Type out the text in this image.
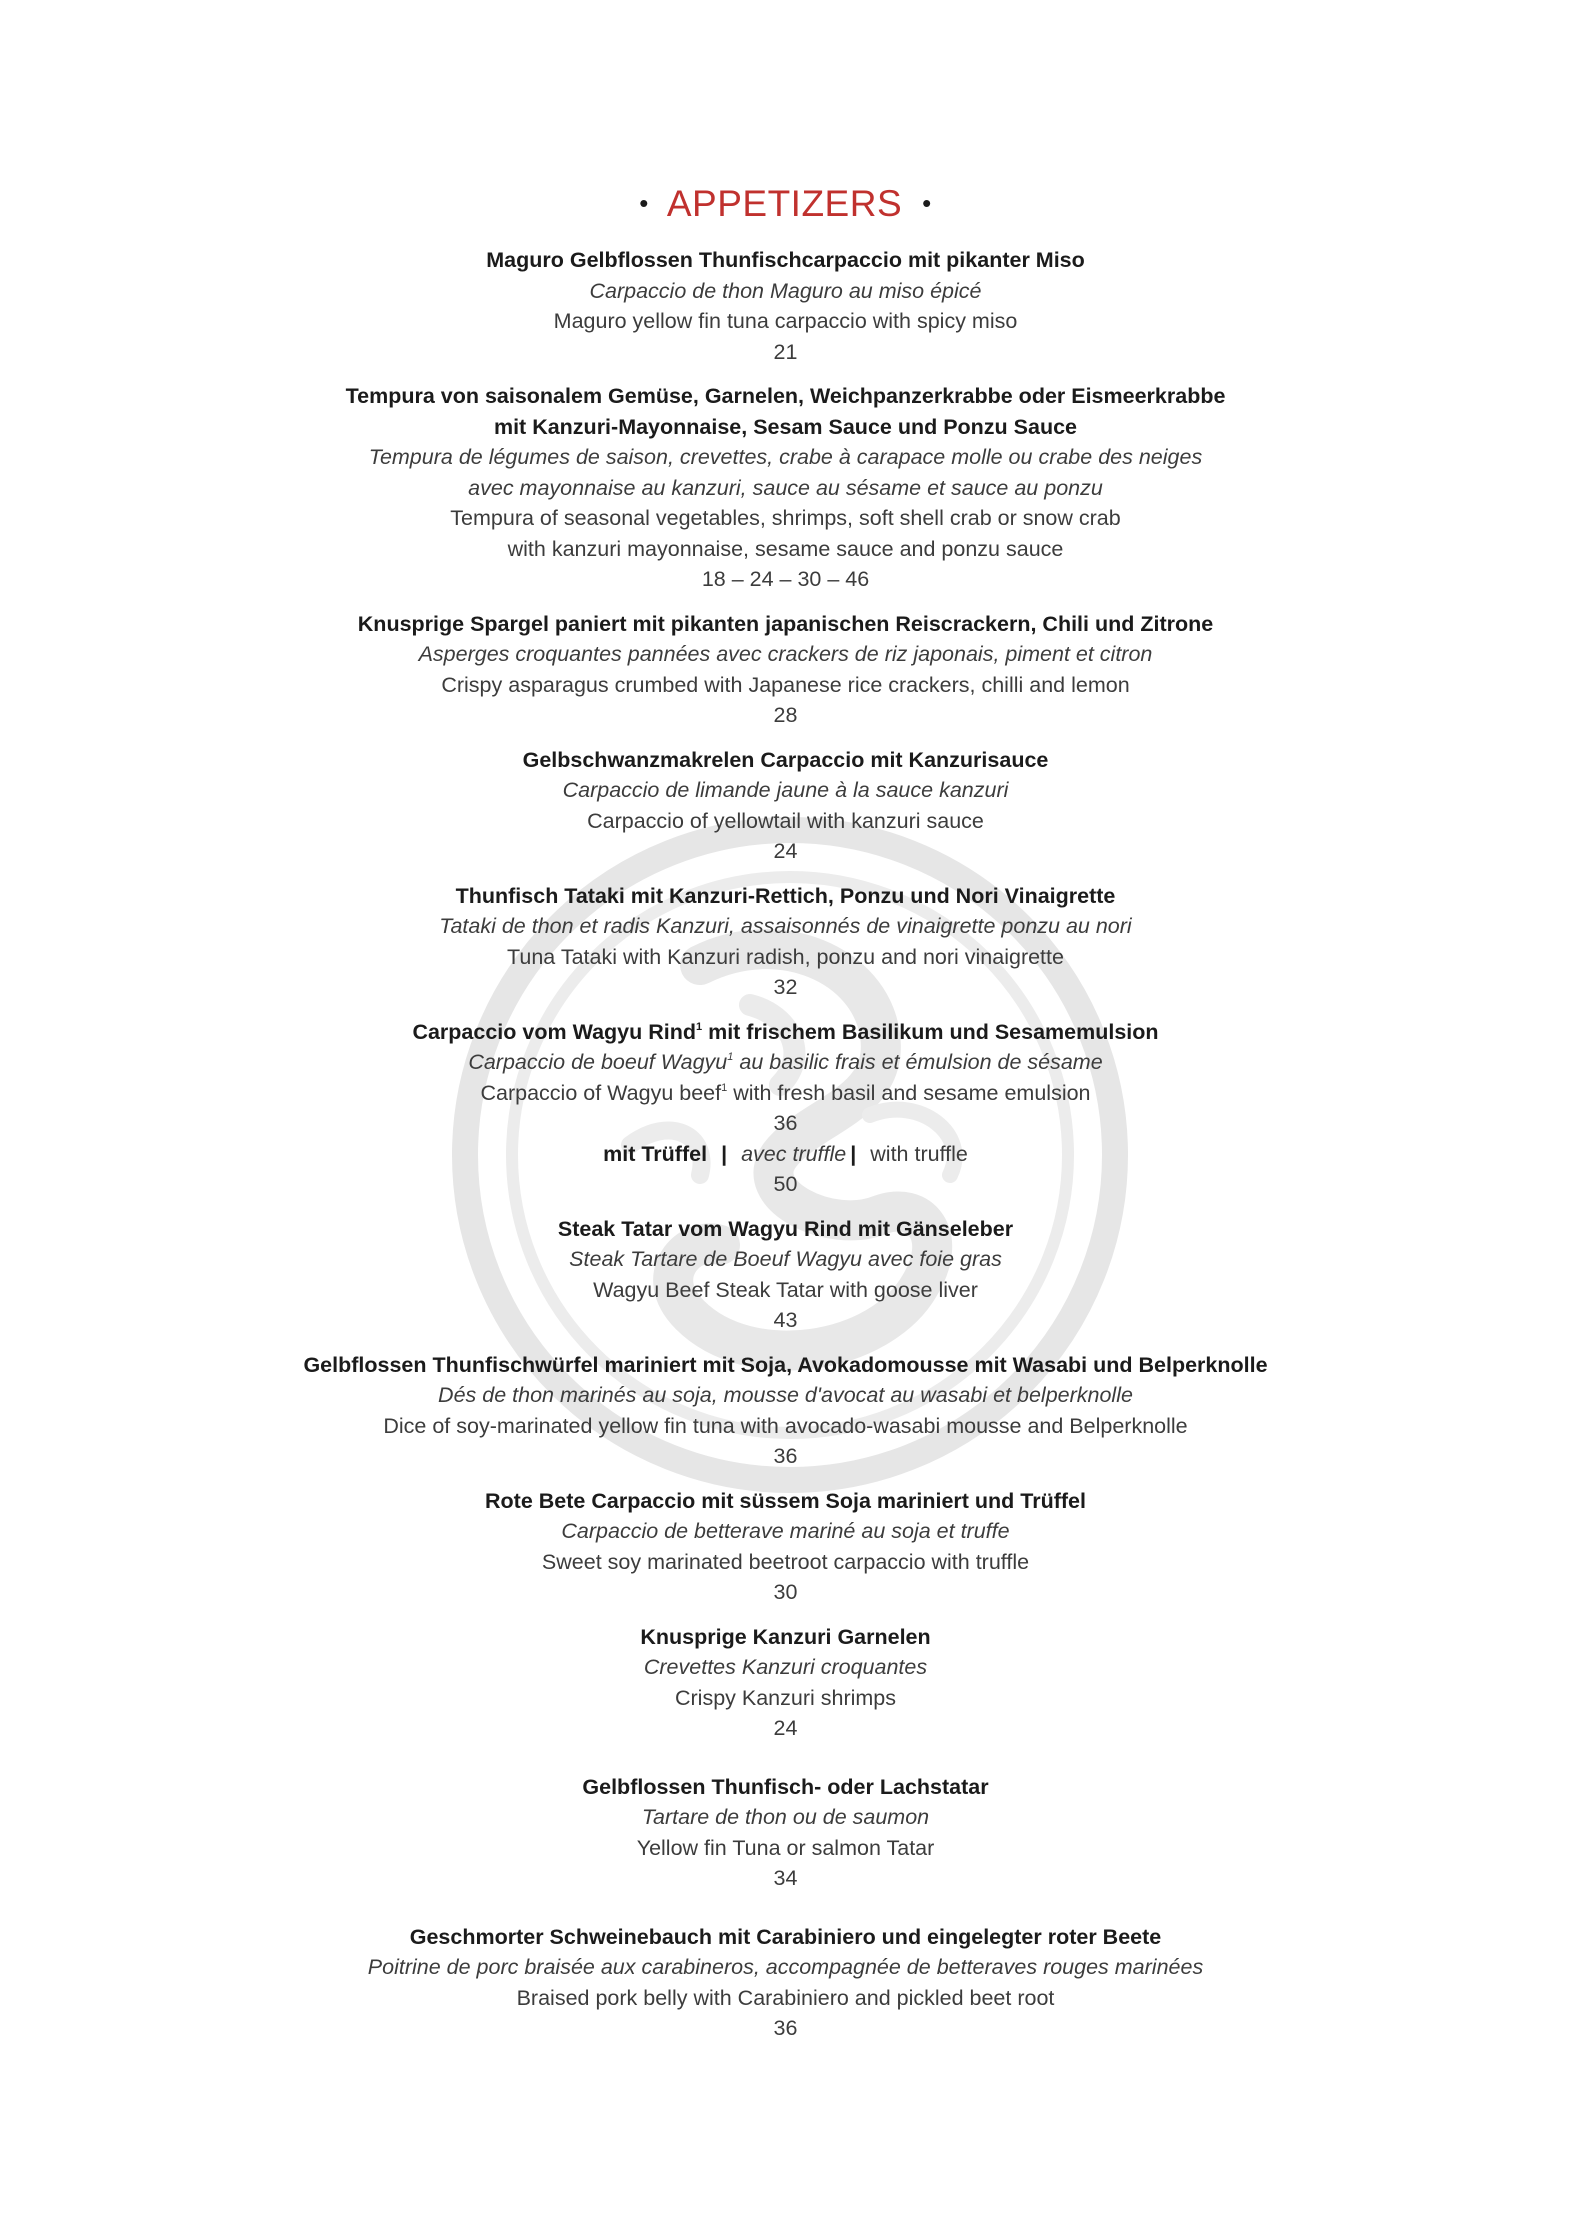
• APPETIZERS •
Maguro Gelbflossen Thunfischcarpaccio mit pikanter Miso
Carpaccio de thon Maguro au miso épicé
Maguro yellow fin tuna carpaccio with spicy miso
21
Tempura von saisonalem Gemüse, Garnelen, Weichpanzerkrabbe oder Eismeerkrabbe
mit Kanzuri-Mayonnaise, Sesam Sauce und Ponzu Sauce
Tempura de légumes de saison, crevettes, crabe à carapace molle ou crabe des neiges
avec mayonnaise au kanzuri, sauce au sésame et sauce au ponzu
Tempura of seasonal vegetables, shrimps, soft shell crab or snow crab
with kanzuri mayonnaise, sesame sauce and ponzu sauce
18 – 24 – 30 – 46
Knusprige Spargel paniert mit pikanten japanischen Reiscrackern, Chili und Zitrone
Asperges croquantes pannées avec crackers de riz japonais, piment et citron
Crispy asparagus crumbed with Japanese rice crackers, chilli and lemon
28
Gelbschwanzmakrelen Carpaccio mit Kanzurisauce
Carpaccio de limande jaune à la sauce kanzuri
Carpaccio of yellowtail with kanzuri sauce
24
Thunfisch Tataki mit Kanzuri-Rettich, Ponzu und Nori Vinaigrette
Tataki de thon et radis Kanzuri, assaisonnés de vinaigrette ponzu au nori
Tuna Tataki with Kanzuri radish, ponzu and nori vinaigrette
32
Carpaccio vom Wagyu Rind$^1$ mit frischem Basilikum und Sesamemulsion
Carpaccio de boeuf Wagyu$^1$ au basilic frais et émulsion de sésame
Carpaccio of Wagyu beef$^1$ with fresh basil and sesame emulsion
36
mit Trüffel | avec truffle | with truffle
50
Steak Tatar vom Wagyu Rind mit Gänseleber
Steak Tartare de Boeuf Wagyu avec foie gras
Wagyu Beef Steak Tatar with goose liver
43
Gelbflossen Thunfischwürfel mariniert mit Soja, Avokadomousse mit Wasabi und Belperknolle
Dés de thon marinés au soja, mousse d'avocat au wasabi et belperknolle
Dice of soy-marinated yellow fin tuna with avocado-wasabi mousse and Belperknolle
36
Rote Bete Carpaccio mit süssem Soja mariniert und Trüffel
Carpaccio de betterave mariné au soja et truffe
Sweet soy marinated beetroot carpaccio with truffle
30
Knusprige Kanzuri Garnelen
Crevettes Kanzuri croquantes
Crispy Kanzuri shrimps
24
Gelbflossen Thunfisch- oder Lachstatar
Tartare de thon ou de saumon
Yellow fin Tuna or salmon Tatar
34
Geschmorter Schweinebauch mit Carabiniero und eingelegter roter Beete
Poitrine de porc braisée aux carabineros, accompagnée de betteraves rouges marinées
Braised pork belly with Carabiniero and pickled beet root
36
